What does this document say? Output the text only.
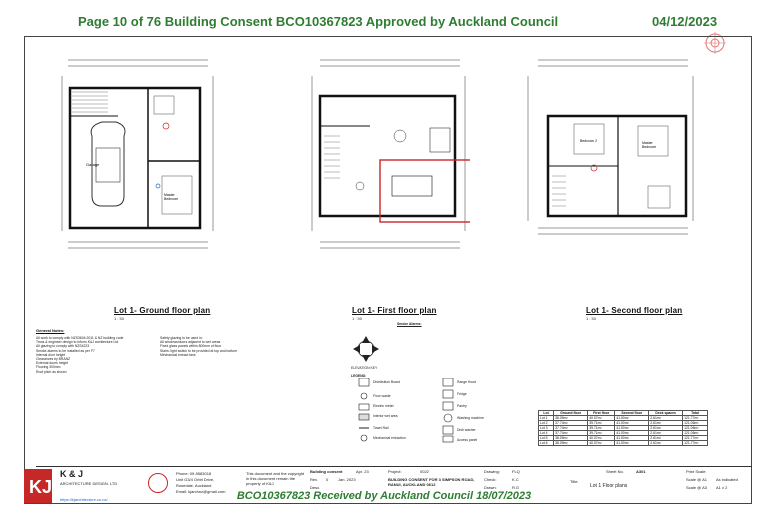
Page 10 of 76 Building Consent BCO10367823 Approved by Auckland Council	04/12/2023
Garage
Master
Bedroom
Lot 1- Ground floor plan
1 : 50
Lot 1- First floor plan
1 : 50
Bedroom 2	Master
Bedroom
Lot 1- Second floor plan
1 : 50
General Notes:
All work to comply with NZS3604:2011 & NZ building code
Truss & engineer design to inform K&J architecture Ltd
All glazing to comply with NZS4223
Smoke alarms to be installed as per F7
Internal door height
Clearances by BRANZ
External doors height
Flooring 300mm
Roof pitch as shown
Safety glazing to be used in:
All windows/doors adjacent to wet areas
Fixed glass panels within 800mm of floor
Stairs: light switch to be provided at top and bottom
Mechanical extract fans
ELEVATION KEY
LEGEND:
Smoke Alarms:
Distribution Board
Floor waste
Electric meter
Interior wet area
Towel Rail
Mechanical extraction
Range Hood
Fridge
Pantry
Washing machine
Dish washer
Access panel
Lot	Ground floor	First floor	Second floor	Deck spaces	Total
Lot 1	38.09m²	40.07m²	41.00m²	2.61m²	121.77m²
Lot 2	37.74m²	39.71m²	41.00m²	2.61m²	121.06m²
Lot 3	37.74m²	39.71m²	41.00m²	2.61m²	121.06m²
Lot 4	37.74m²	39.71m²	41.00m²	2.61m²	121.06m²
Lot 5	38.09m²	40.07m²	41.00m²	2.61m²	121.77m²
Lot 6	38.09m²	40.07m²	41.00m²	2.61m²	121.77m²
KJ
K & J
ARCHITECTURE DESIGN. LTD
https://kjarchitecture.co.nz/
Phone: 09-5583018
Unit G3/4 Orbit Drive,
Rosedale, Auckland
Email: kjarchnz@gmail.com
This document and the copyright in this document remain the property of K&J
Building consent	Apr. 23
Rev. 0 Jan. 2023
Desc.
Project:	0022
BUILDING CONSENT FOR 3 SIMPSON ROAD, RANUI, AUCKLAND 0612
Drawing:	FLQ
Check:	K.C
Drawn:	R.G
Title:
Lot 1 Floor plans
Sheet No.	A301	Print Scale:
Scale @ A1 As indicated
Scale @ A3 A1 x 2
BCO10367823 Received by Auckland Council 18/07/2023
